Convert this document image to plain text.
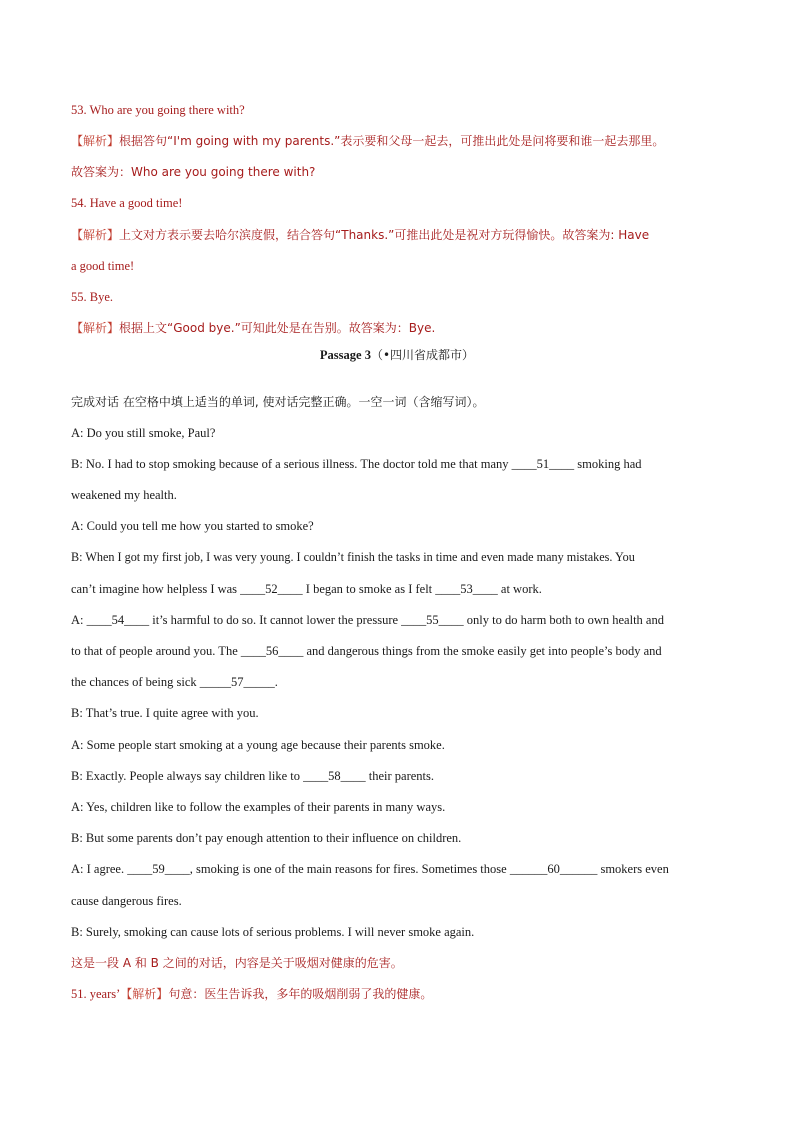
53. Who are you going there with?
【解析】根据答句“I'm going with my parents.”表示要和父母一起去，可推出此处是问将要和谁一起去那里。
故答案为：Who are you going there with?
54. Have a good time!
【解析】上文对方表示要去哈尔滨度假，结合答句“Thanks.”可推出此处是祝对方玩得愉快。故答案为: Have
a good time!
55. Bye.
【解析】根据上文“Good bye.”可知此处是在告别。故答案为：Bye.
Passage 3（•四川省成都市）
完成对话 在空格中填上适当的单词, 使对话完整正确。一空一词（含缩写词）。
A: Do you still smoke, Paul?
B: No. I had to stop smoking because of a serious illness. The doctor told me that many ____51____ smoking had
weakened my health.
A: Could you tell me how you started to smoke?
B: When I got my first job, I was very young. I couldn’t finish the tasks in time and even made many mistakes. You
can’t imagine how helpless I was ____52____ I began to smoke as I felt ____53____ at work.
A: ____54____ it’s harmful to do so. It cannot lower the pressure ____55____ only to do harm both to own health and
to that of people around you. The ____56____ and dangerous things from the smoke easily get into people’s body and
the chances of being sick _____57_____.
B: That’s true. I quite agree with you.
A: Some people start smoking at a young age because their parents smoke.
B: Exactly. People always say children like to ____58____ their parents.
A: Yes, children like to follow the examples of their parents in many ways.
B: But some parents don’t pay enough attention to their influence on children.
A: I agree. ____59____, smoking is one of the main reasons for fires. Sometimes those ______60______ smokers even
cause dangerous fires.
B: Surely, smoking can cause lots of serious problems. I will never smoke again.
这是一段 A 和 B 之间的对话，内容是关于吸烟对健康的危害。
51. years’【解析】句意：医生告诉我，多年的吸烟削弱了我的健康。
